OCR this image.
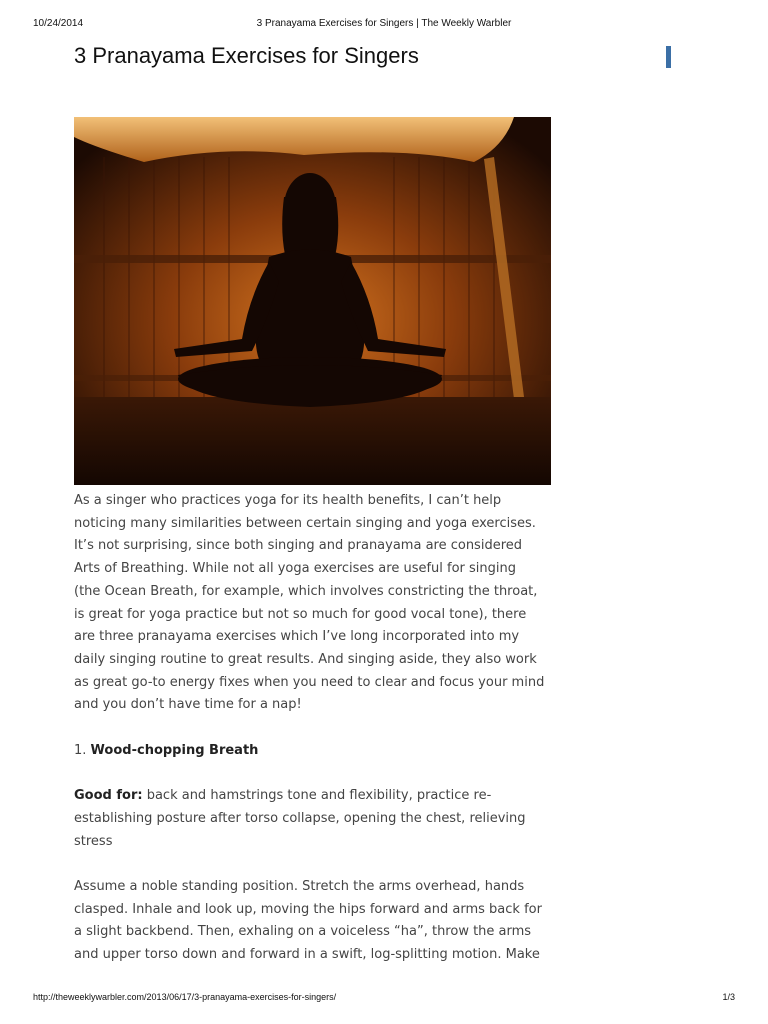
10/24/2014	3 Pranayama Exercises for Singers | The Weekly Warbler
3 Pranayama Exercises for Singers

As a singer who practices yoga for its health benefits, I can’t help
noticing many similarities between certain singing and yoga exercises.
It’s not surprising, since both singing and pranayama are considered
Arts of Breathing. While not all yoga exercises are useful for singing
(the Ocean Breath, for example, which involves constricting the throat,
is great for yoga practice but not so much for good vocal tone), there
are three pranayama exercises which I’ve long incorporated into my
daily singing routine to great results. And singing aside, they also work
as great go-to energy fixes when you need to clear and focus your mind
and you don’t have time for a nap!

1. Wood-chopping Breath

Good for: back and hamstrings tone and flexibility, practice re-
establishing posture after torso collapse, opening the chest, relieving
stress

Assume a noble standing position. Stretch the arms overhead, hands
clasped. Inhale and look up, moving the hips forward and arms back for
a slight backbend. Then, exhaling on a voiceless “ha”, throw the arms
and upper torso down and forward in a swift, log-splitting motion. Make

http://theweeklywarbler.com/2013/06/17/3-pranayama-exercises-for-singers/	1/3
